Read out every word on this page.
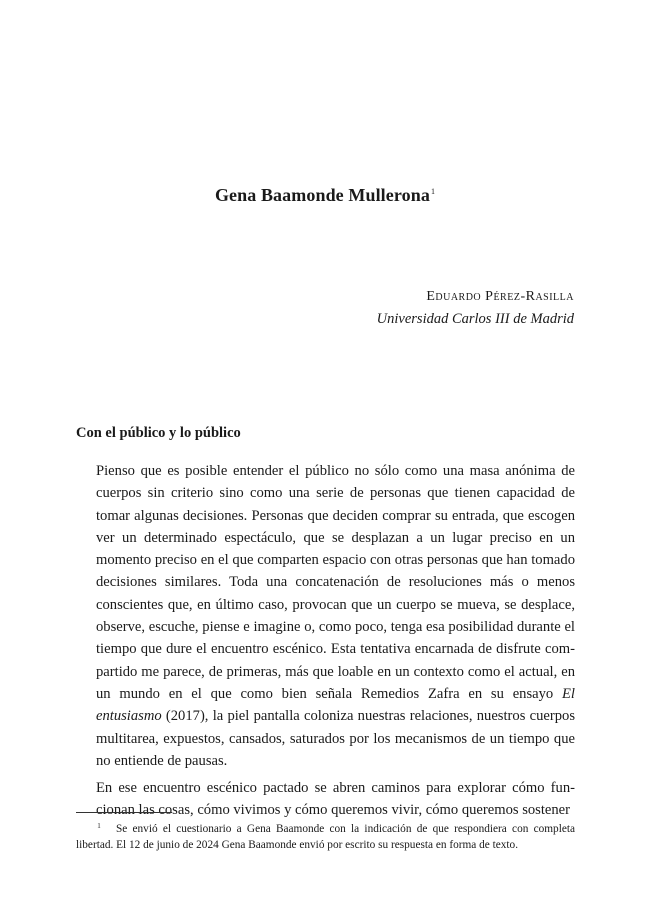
Gena Baamonde Mullerona$^1$
Eduardo Pérez-Rasilla
Universidad Carlos III de Madrid
Con el público y lo público

Pienso que es posible entender el público no sólo como una masa anónima de cuerpos sin criterio sino como una serie de personas que tienen capacidad de tomar algunas decisiones. Personas que deciden comprar su entrada, que escogen ver un determinado espectáculo, que se desplazan a un lugar preciso en un momento preciso en el que comparten espacio con otras personas que han tomado decisiones similares. Toda una concatenación de resoluciones más o menos conscientes que, en último caso, provocan que un cuerpo se mueva, se desplace, observe, escuche, piense e imagine o, como poco, tenga esa posibilidad durante el tiempo que dure el encuentro escénico. Esta tentativa encarnada de disfrute compartido me parece, de primeras, más que loable en un contexto como el actual, en un mundo en el que como bien señala Remedios Zafra en su ensayo El entusiasmo (2017), la piel pantalla coloniza nuestras relaciones, nuestros cuerpos multitarea, expuestos, cansados, saturados por los mecanismos de un tiempo que no entiende de pausas.

En ese encuentro escénico pactado se abren caminos para explorar cómo funcionan las cosas, cómo vivimos y cómo queremos vivir, cómo queremos sostener

1 Se envió el cuestionario a Gena Baamonde con la indicación de que respondiera con completa libertad. El 12 de junio de 2024 Gena Baamonde envió por escrito su respuesta en forma de texto.
